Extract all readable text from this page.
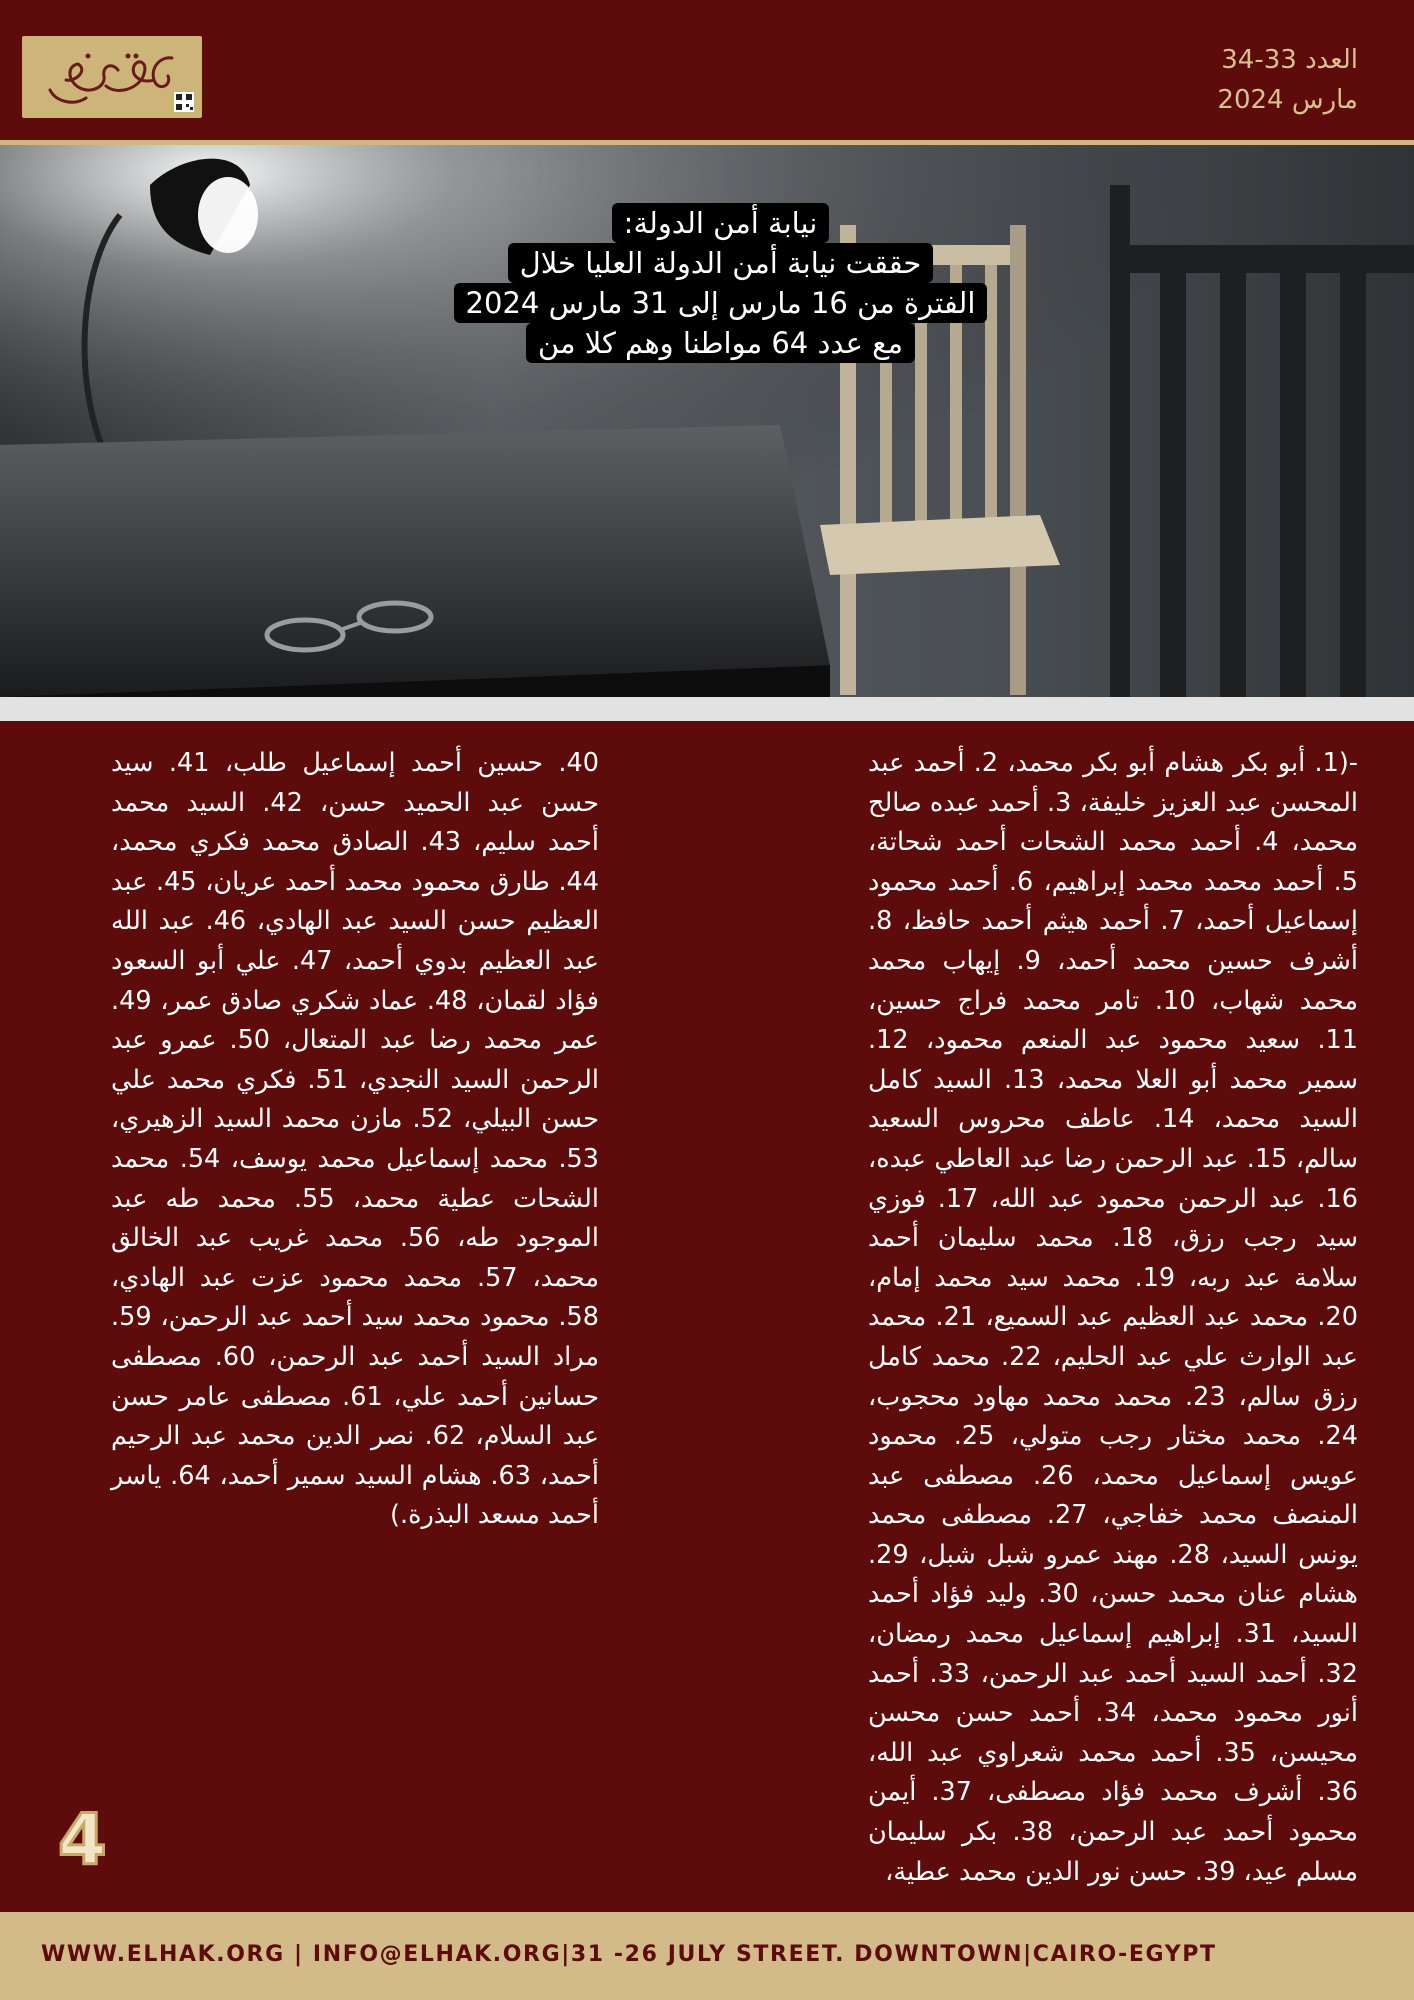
العدد 33-34
مارس 2024
نيابة أمن الدولة:
حققت نيابة أمن الدولة العليا خلال
الفترة من 16 مارس إلى 31 مارس 2024
مع عدد 64 مواطنا وهم كلا من
-(1. أبو بكر هشام أبو بكر محمد، 2. أحمد عبد المحسن عبد العزيز خليفة، 3. أحمد عبده صالح محمد، 4. أحمد محمد الشحات أحمد شحاتة، 5. أحمد محمد محمد إبراهيم، 6. أحمد محمود إسماعيل أحمد، 7. أحمد هيثم أحمد حافظ، 8. أشرف حسين محمد أحمد، 9. إيهاب محمد محمد شهاب، 10. تامر محمد فراج حسين، 11. سعيد محمود عبد المنعم محمود، 12. سمير محمد أبو العلا محمد، 13. السيد كامل السيد محمد، 14. عاطف محروس السعيد سالم، 15. عبد الرحمن رضا عبد العاطي عبده، 16. عبد الرحمن محمود عبد الله، 17. فوزي سيد رجب رزق، 18. محمد سليمان أحمد سلامة عبد ربه، 19. محمد سيد محمد إمام، 20. محمد عبد العظيم عبد السميع، 21. محمد عبد الوارث علي عبد الحليم، 22. محمد كامل رزق سالم، 23. محمد محمد مهاود محجوب، 24. محمد مختار رجب متولي، 25. محمود عويس إسماعيل محمد، 26. مصطفى عبد المنصف محمد خفاجي، 27. مصطفى محمد يونس السيد، 28. مهند عمرو شبل شبل، 29. هشام عنان محمد حسن، 30. وليد فؤاد أحمد السيد، 31. إبراهيم إسماعيل محمد رمضان، 32. أحمد السيد أحمد عبد الرحمن، 33. أحمد أنور محمود محمد، 34. أحمد حسن محسن محيسن، 35. أحمد محمد شعراوي عبد الله، 36. أشرف محمد فؤاد مصطفى، 37. أيمن محمود أحمد عبد الرحمن، 38. بكر سليمان مسلم عيد، 39. حسن نور الدين محمد عطية،
40. حسين أحمد إسماعيل طلب، 41. سيد حسن عبد الحميد حسن، 42. السيد محمد أحمد سليم، 43. الصادق محمد فكري محمد، 44. طارق محمود محمد أحمد عريان، 45. عبد العظيم حسن السيد عبد الهادي، 46. عبد الله عبد العظيم بدوي أحمد، 47. علي أبو السعود فؤاد لقمان، 48. عماد شكري صادق عمر، 49. عمر محمد رضا عبد المتعال، 50. عمرو عبد الرحمن السيد النجدي، 51. فكري محمد علي حسن البيلي، 52. مازن محمد السيد الزهيري، 53. محمد إسماعيل محمد يوسف، 54. محمد الشحات عطية محمد، 55. محمد طه عبد الموجود طه، 56. محمد غريب عبد الخالق محمد، 57. محمد محمود عزت عبد الهادي، 58. محمود محمد سيد أحمد عبد الرحمن، 59. مراد السيد أحمد عبد الرحمن، 60. مصطفى حسانين أحمد علي، 61. مصطفى عامر حسن عبد السلام، 62. نصر الدين محمد عبد الرحيم أحمد، 63. هشام السيد سمير أحمد، 64. ياسر أحمد مسعد البذرة.)
4
WWW.ELHAK.ORG | INFO@ELHAK.ORG|31 -26 JULY STREET. DOWNTOWN|CAIRO-EGYPT
